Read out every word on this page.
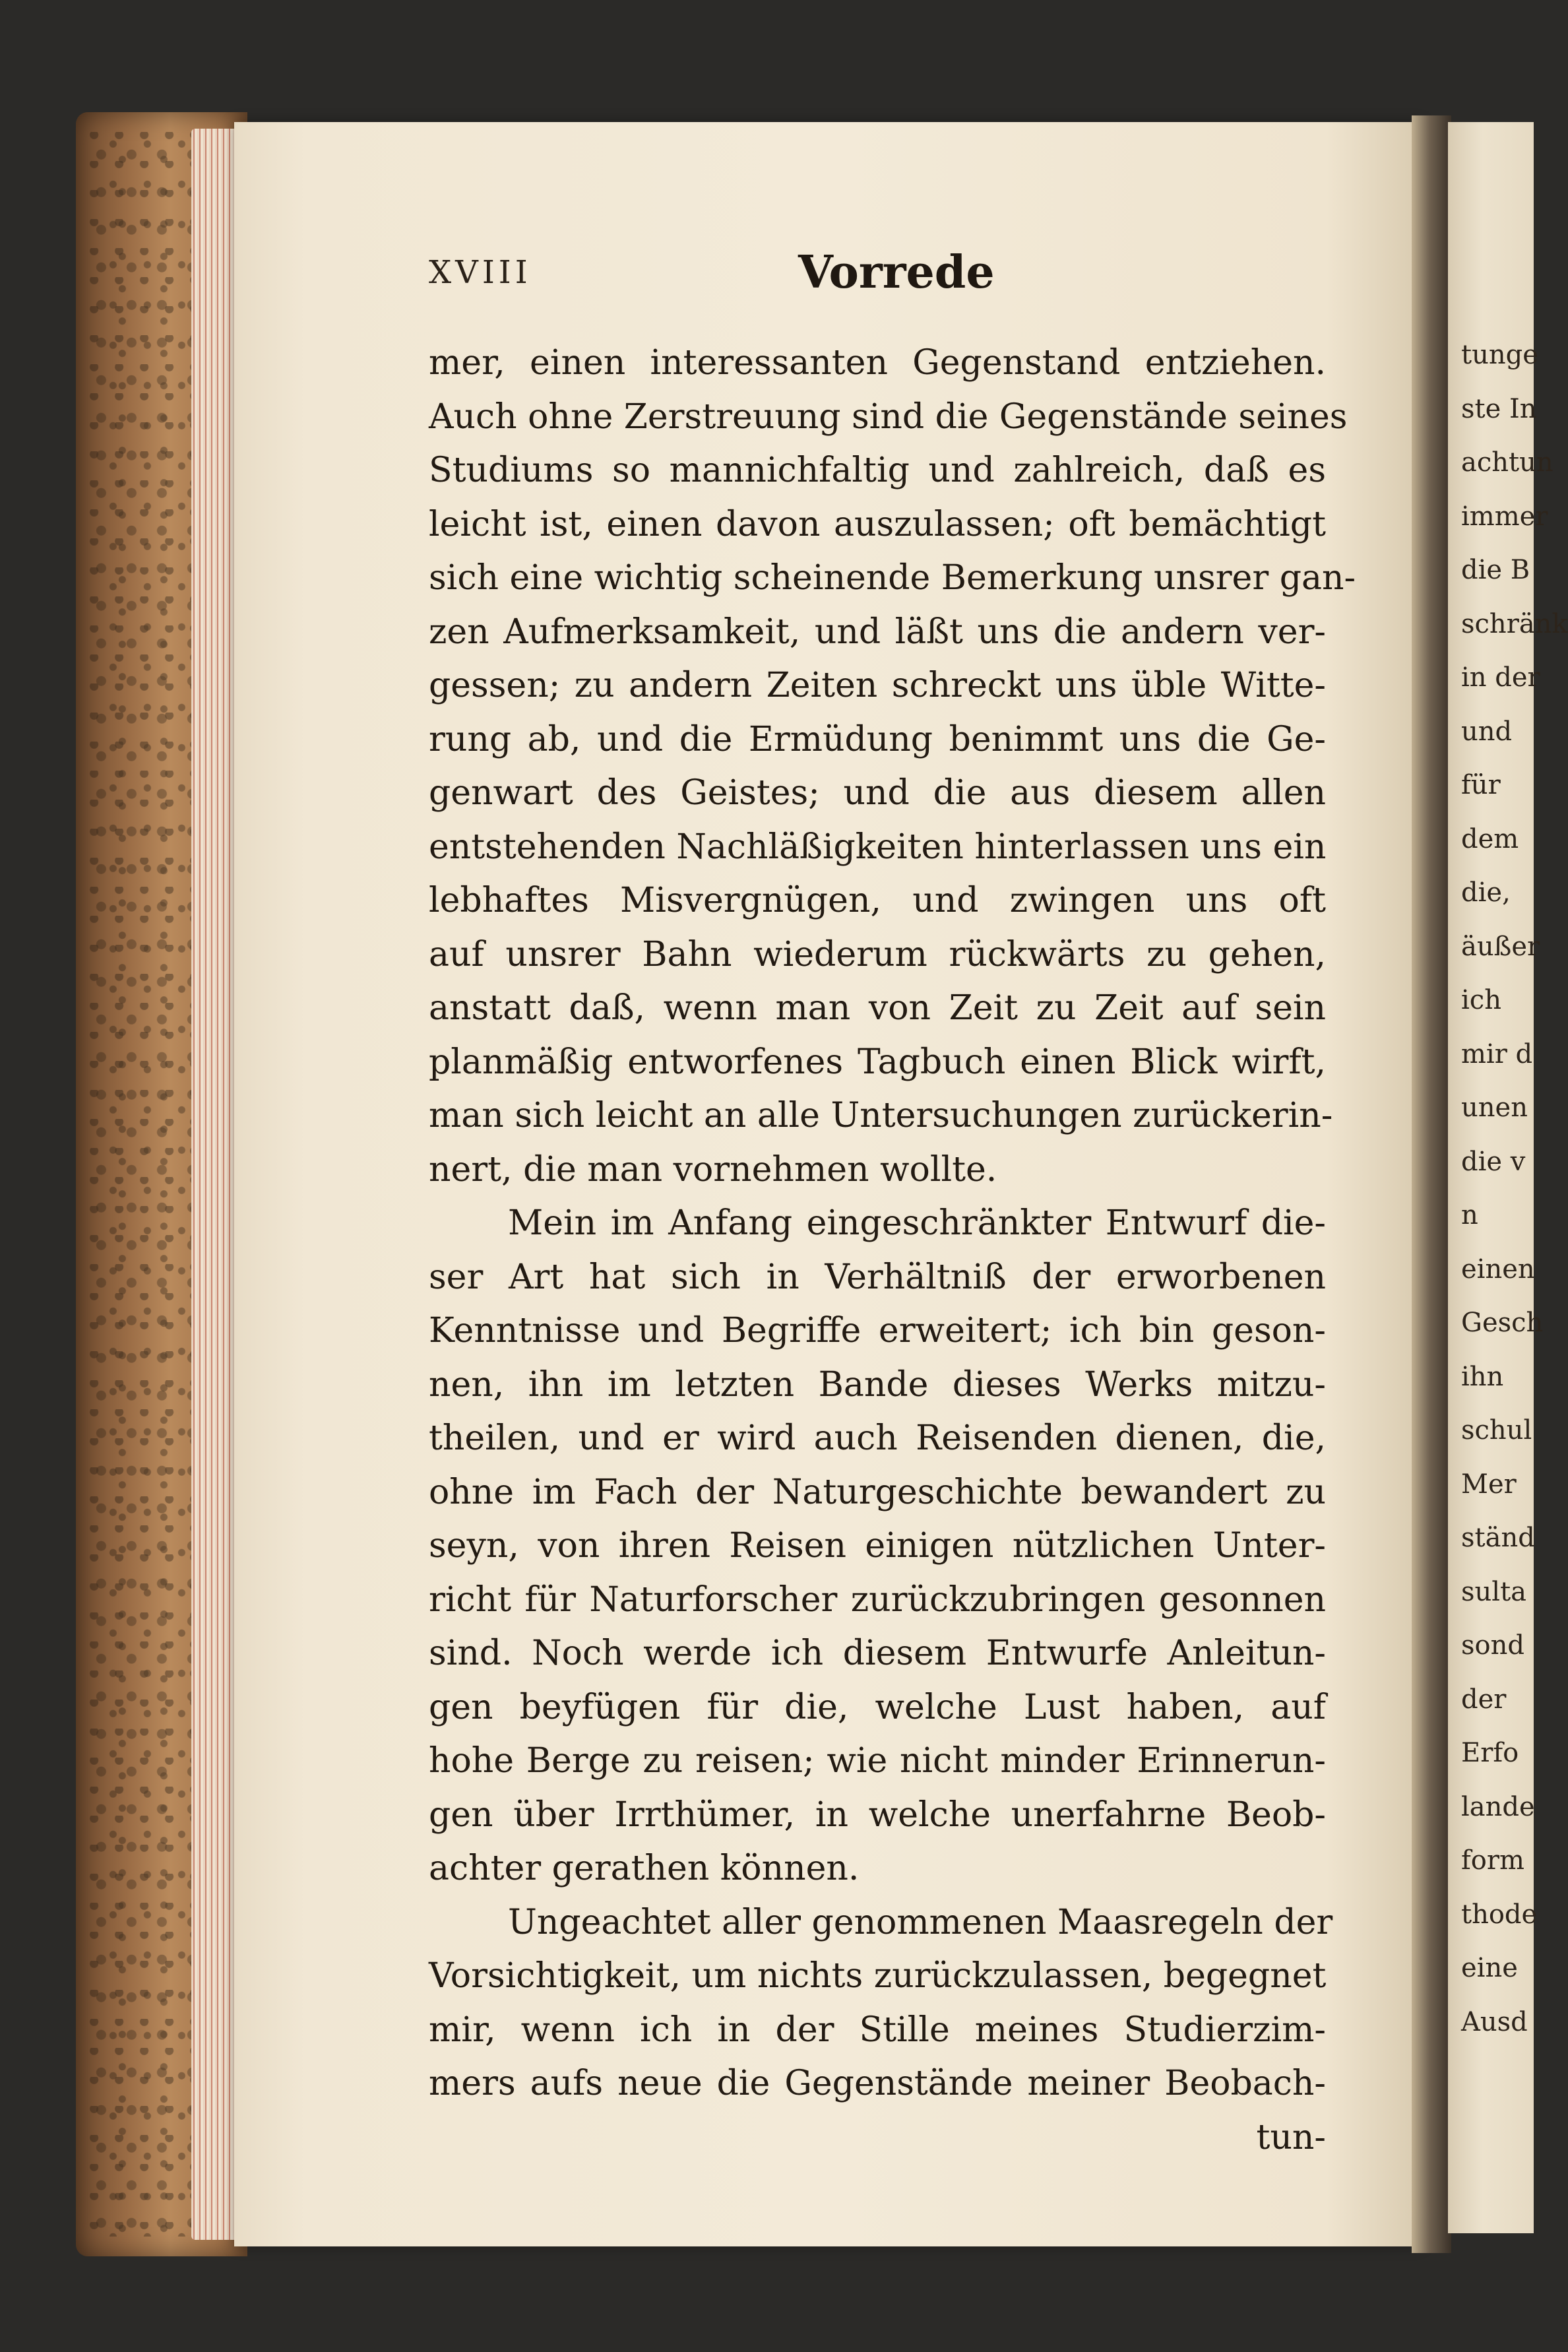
XVIII	Vorrede
mer, einen interessanten Gegenstand entziehen.
Auch ohne Zerstreuung sind die Gegenstände seines
Studiums so mannichfaltig und zahlreich, daß es
leicht ist, einen davon auszulassen; oft bemächtigt
sich eine wichtig scheinende Bemerkung unsrer gan-
zen Aufmerksamkeit, und läßt uns die andern ver-
gessen; zu andern Zeiten schreckt uns üble Witte-
rung ab, und die Ermüdung benimmt uns die Ge-
genwart des Geistes; und die aus diesem allen
entstehenden Nachläßigkeiten hinterlassen uns ein
lebhaftes Misvergnügen, und zwingen uns oft
auf unsrer Bahn wiederum rückwärts zu gehen,
anstatt daß, wenn man von Zeit zu Zeit auf sein
planmäßig entworfenes Tagbuch einen Blick wirft,
man sich leicht an alle Untersuchungen zurückerin-
nert, die man vornehmen wollte.
Mein im Anfang eingeschränkter Entwurf die-
ser Art hat sich in Verhältniß der erworbenen
Kenntnisse und Begriffe erweitert; ich bin geson-
nen, ihn im letzten Bande dieses Werks mitzu-
theilen, und er wird auch Reisenden dienen, die,
ohne im Fach der Naturgeschichte bewandert zu
seyn, von ihren Reisen einigen nützlichen Unter-
richt für Naturforscher zurückzubringen gesonnen
sind. Noch werde ich diesem Entwurfe Anleitun-
gen beyfügen für die, welche Lust haben, auf
hohe Berge zu reisen; wie nicht minder Erinnerun-
gen über Irrthümer, in welche unerfahrne Beob-
achter gerathen können.
Ungeachtet aller genommenen Maasregeln der
Vorsichtigkeit, um nichts zurückzulassen, begegnet
mir, wenn ich in der Stille meines Studierzim-
mers aufs neue die Gegenstände meiner Beobach-
tun-
tunge
ste In
achtun
immer
die B
schränk
in der
und
für
dem
die,
äußer
ich
mir d
unen
die v
n
einen
Gesch
ihn
schul
Mer
ständ
sulta
sond
der
Erfo
lande
form
thode
eine
Ausd
